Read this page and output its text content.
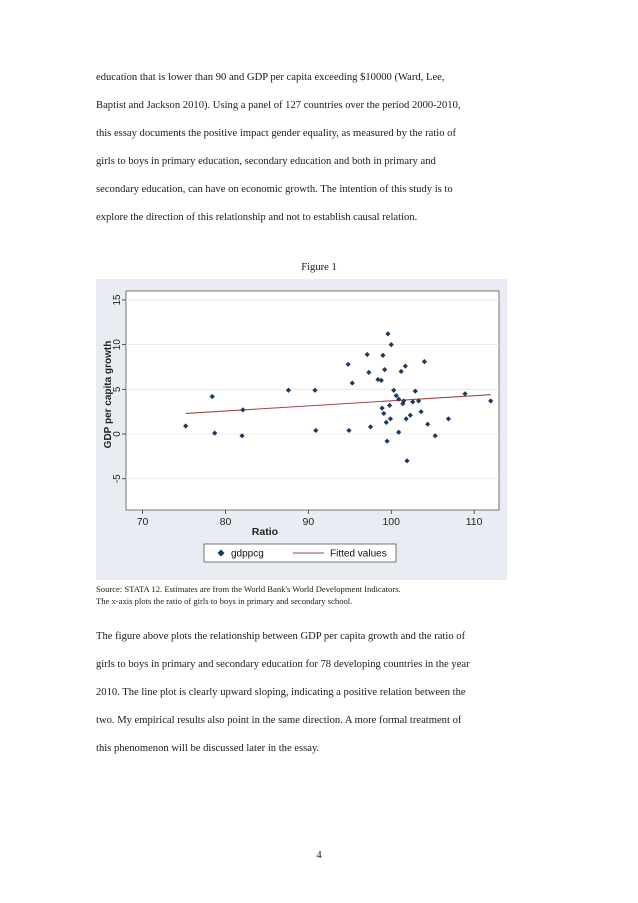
education that is lower than 90 and GDP per capita exceeding $10000 (Ward, Lee,
Baptist and Jackson 2010). Using a panel of 127 countries over the period 2000-2010,
this essay documents the positive impact gender equality, as measured by the ratio of
girls to boys in primary education, secondary education and both in primary and
secondary education, can have on economic growth. The intention of this study is to
explore the direction of this relationship and not to establish causal relation.
Figure 1
-5
0
5
10
15
70	80	90	100	110
Ratio
GDP per capita growth
gdppcg	Fitted values
Source: STATA 12. Estimates are from the World Bank's World Development Indicators.
The x-axis plots the ratio of girls to boys in primary and secondary school.
The figure above plots the relationship between GDP per capita growth and the ratio of
girls to boys in primary and secondary education for 78 developing countries in the year
2010. The line plot is clearly upward sloping, indicating a positive relation between the
two. My empirical results also point in the same direction. A more formal treatment of
this phenomenon will be discussed later in the essay.
4
